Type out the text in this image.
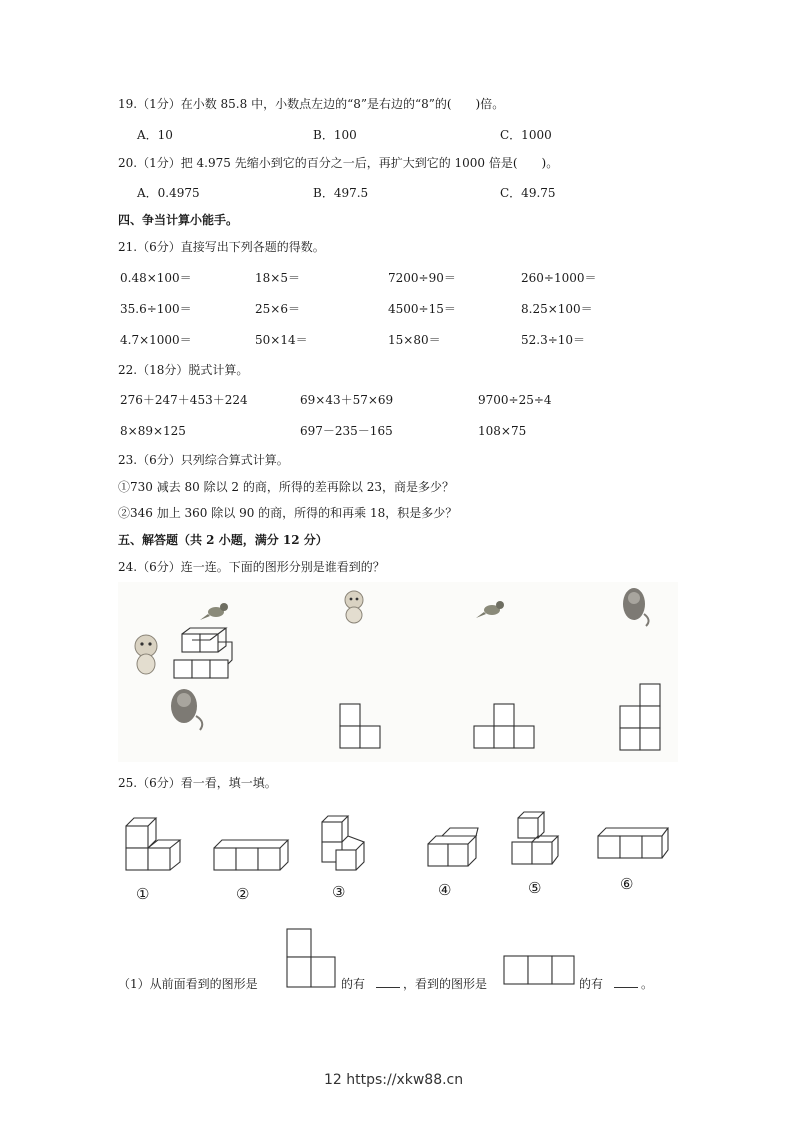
19.（1分）在小数 85.8 中，小数点左边的“8”是右边的“8”的(　　)倍。
A．10	B．100	C．1000
20.（1分）把 4.975 先缩小到它的百分之一后，再扩大到它的 1000 倍是(　　)。
A．0.4975	B．497.5	C．49.75
四、争当计算小能手。
21.（6分）直接写出下列各题的得数。
0.48×100＝	18×5＝	7200÷90＝	260÷1000＝
35.6÷100＝	25×6＝	4500÷15＝	8.25×100＝
4.7×1000＝	50×14＝	15×80＝	52.3÷10＝
22.（18分）脱式计算。
276＋247＋453＋224	69×43＋57×69	9700÷25÷4
8×89×125	697－235－165	108×75
23.（6分）只列综合算式计算。
①730 减去 80 除以 2 的商，所得的差再除以 23，商是多少？
②346 加上 360 除以 90 的商，所得的和再乘 18，积是多少？
五、解答题（共 2 小题，满分 12 分）
24.（6分）连一连。下面的图形分别是谁看到的？
25.（6分）看一看，填一填。
①	②	③	④	⑤	⑥
（1）从前面看到的图形是	的有	，看到的图形是	的有	。
12 https://xkw88.cn
